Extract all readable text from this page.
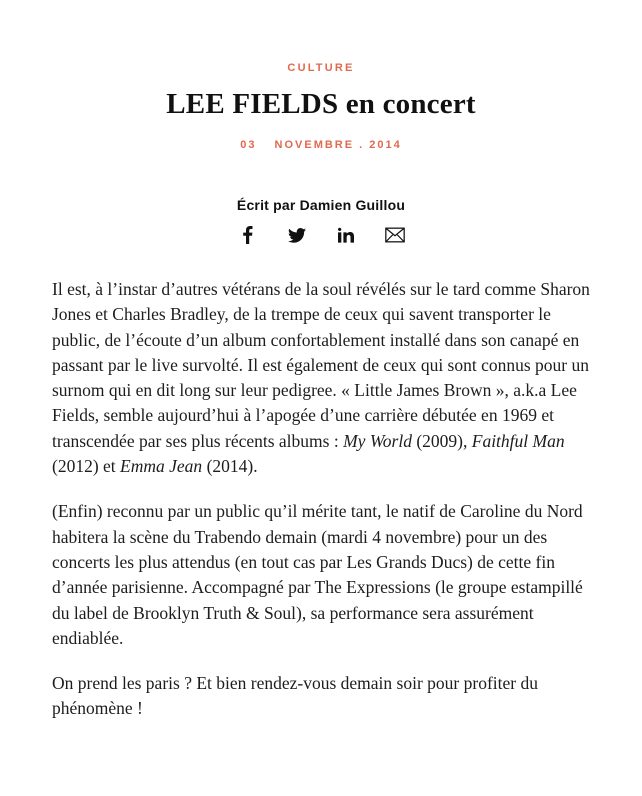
CULTURE
LEE FIELDS en concert
03 NOVEMBRE . 2014
Écrit par Damien Guillou

Il est, à l’instar d’autres vétérans de la soul révélés sur le tard comme Sharon Jones et Charles Bradley, de la trempe de ceux qui savent transporter le public, de l’écoute d’un album confortablement installé dans son canapé en passant par le live survolté. Il est également de ceux qui sont connus pour un surnom qui en dit long sur leur pedigree. « Little James Brown », a.k.a Lee Fields, semble aujourd’hui à l’apogée d’une carrière débutée en 1969 et transcendée par ses plus récents albums : My World (2009), Faithful Man (2012) et Emma Jean (2014).

(Enfin) reconnu par un public qu’il mérite tant, le natif de Caroline du Nord habitera la scène du Trabendo demain (mardi 4 novembre) pour un des concerts les plus attendus (en tout cas par Les Grands Ducs) de cette fin d’année parisienne. Accompagné par The Expressions (le groupe estampillé du label de Brooklyn Truth & Soul), sa performance sera assurément endiablée.

On prend les paris ? Et bien rendez-vous demain soir pour profiter du phénomène !
